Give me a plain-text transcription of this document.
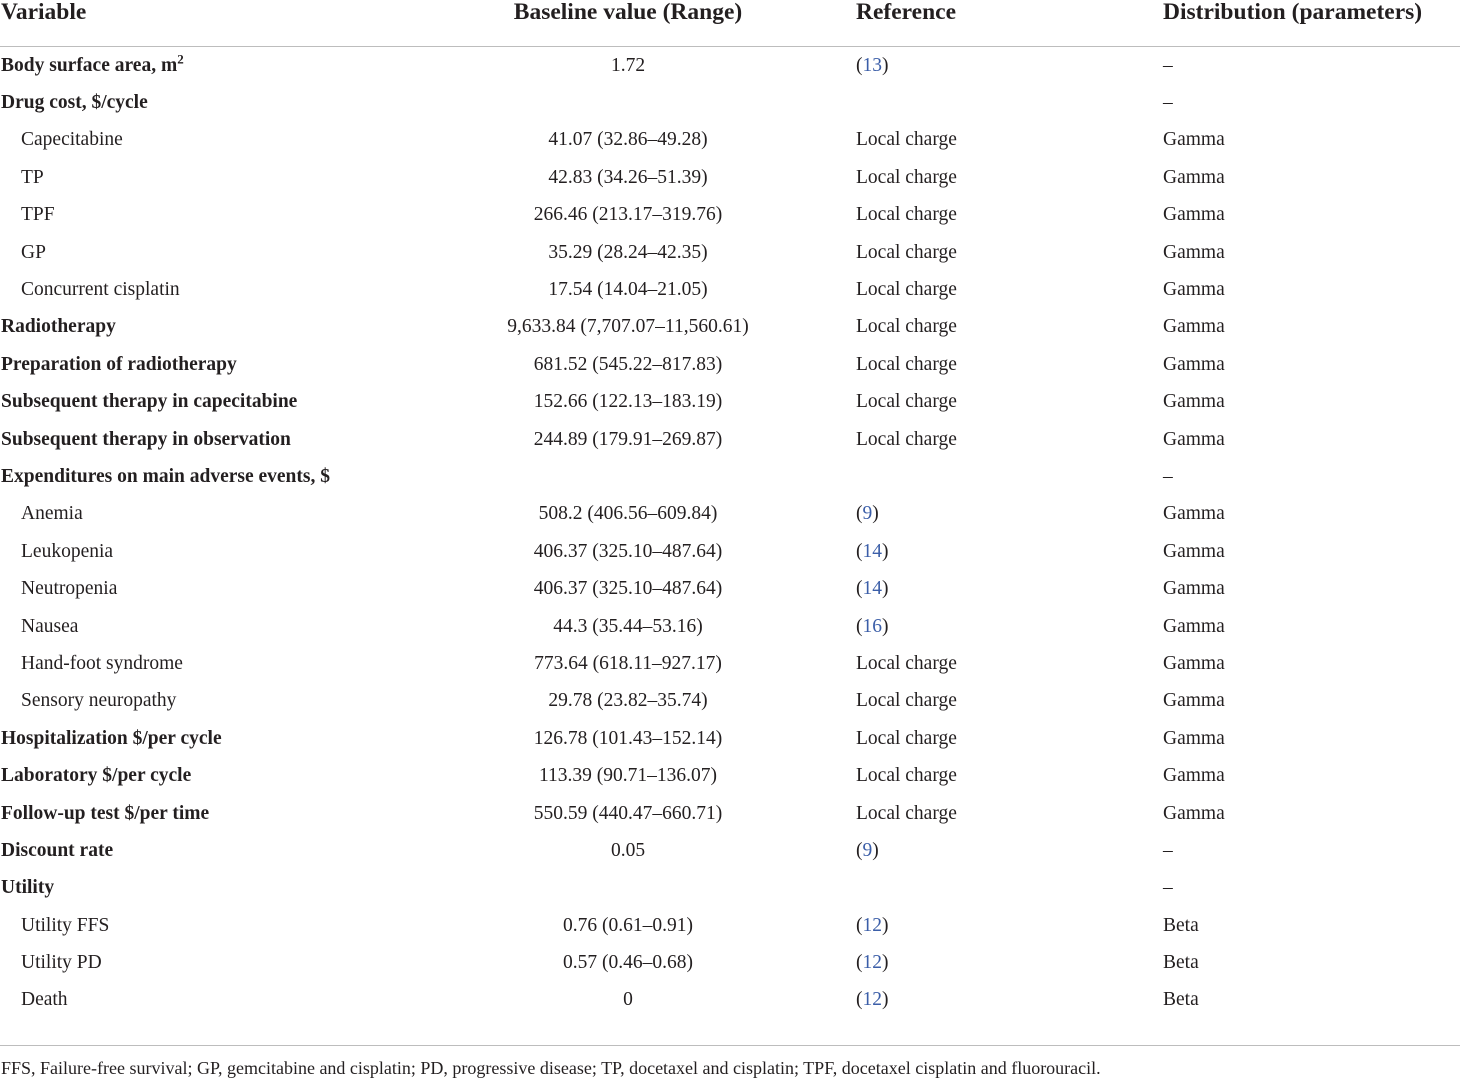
Variable	Baseline value (Range)	Reference	Distribution (parameters)
Body surface area, $m^2$	1.72	(13)	–
Drug cost, $/cycle			–
Capecitabine	41.07 (32.86–49.28)	Local charge	Gamma
TP	42.83 (34.26–51.39)	Local charge	Gamma
TPF	266.46 (213.17–319.76)	Local charge	Gamma
GP	35.29 (28.24–42.35)	Local charge	Gamma
Concurrent cisplatin	17.54 (14.04–21.05)	Local charge	Gamma
Radiotherapy	9,633.84 (7,707.07–11,560.61)	Local charge	Gamma
Preparation of radiotherapy	681.52 (545.22–817.83)	Local charge	Gamma
Subsequent therapy in capecitabine	152.66 (122.13–183.19)	Local charge	Gamma
Subsequent therapy in observation	244.89 (179.91–269.87)	Local charge	Gamma
Expenditures on main adverse events, $			–
Anemia	508.2 (406.56–609.84)	(9)	Gamma
Leukopenia	406.37 (325.10–487.64)	(14)	Gamma
Neutropenia	406.37 (325.10–487.64)	(14)	Gamma
Nausea	44.3 (35.44–53.16)	(16)	Gamma
Hand-foot syndrome	773.64 (618.11–927.17)	Local charge	Gamma
Sensory neuropathy	29.78 (23.82–35.74)	Local charge	Gamma
Hospitalization $/per cycle	126.78 (101.43–152.14)	Local charge	Gamma
Laboratory $/per cycle	113.39 (90.71–136.07)	Local charge	Gamma
Follow-up test $/per time	550.59 (440.47–660.71)	Local charge	Gamma
Discount rate	0.05	(9)	–
Utility			–
Utility FFS	0.76 (0.61–0.91)	(12)	Beta
Utility PD	0.57 (0.46–0.68)	(12)	Beta
Death	0	(12)	Beta
FFS, Failure-free survival; GP, gemcitabine and cisplatin; PD, progressive disease; TP, docetaxel and cisplatin; TPF, docetaxel cisplatin and fluorouracil.
